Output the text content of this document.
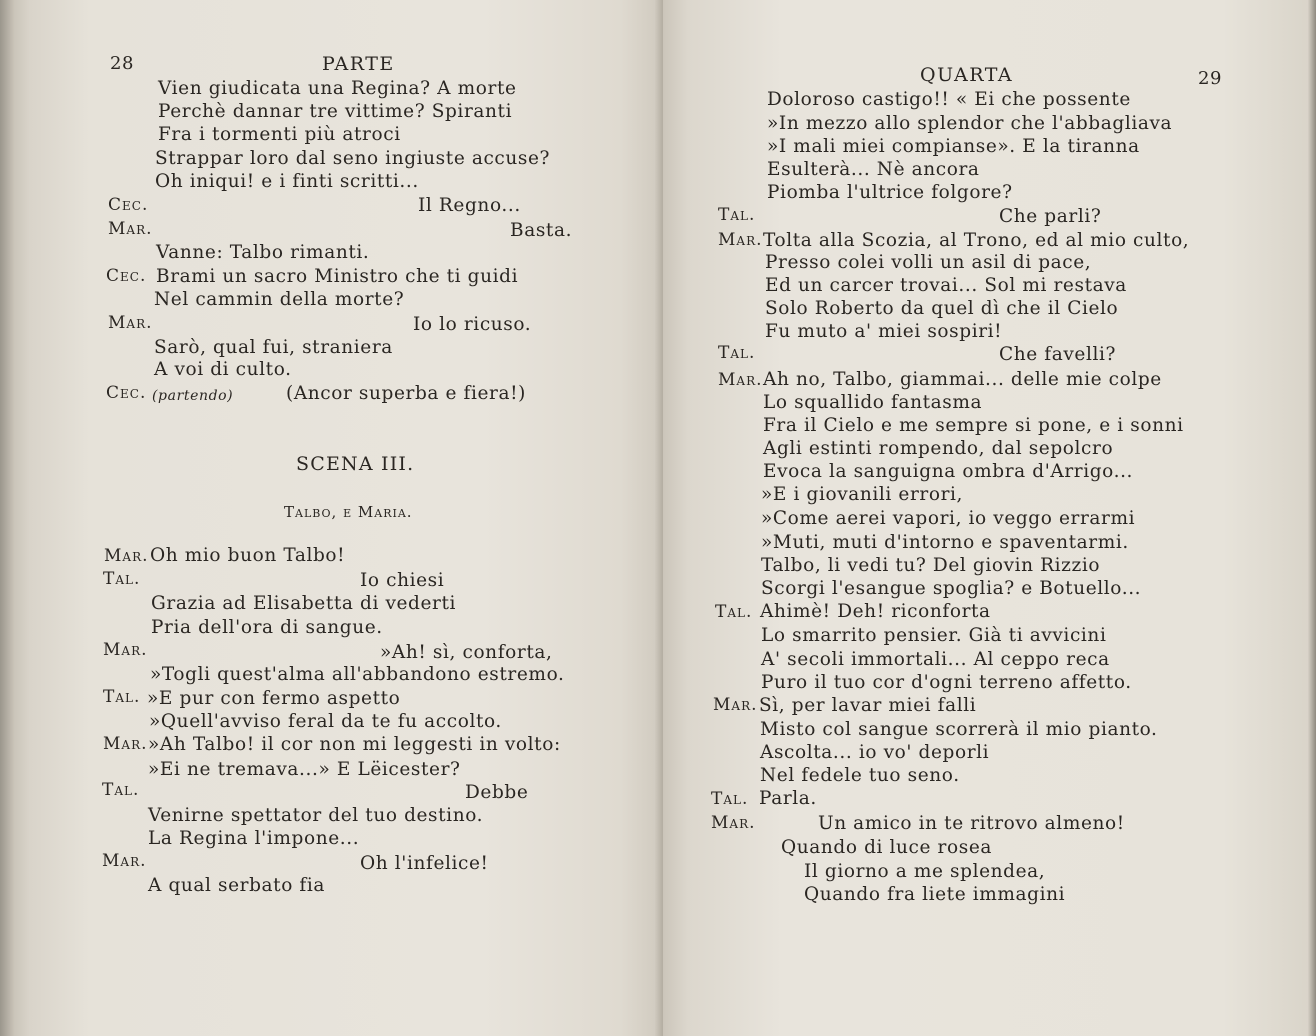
28	PARTE
Vien giudicata una Regina? A morte
Perchè dannar tre vittime? Spiranti
Fra i tormenti più atroci
Strappar loro dal seno ingiuste accuse?
Oh iniqui! e i finti scritti...
Cec.	Il Regno...
Mar.	Basta.
Vanne: Talbo rimanti.
Cec. Brami un sacro Ministro che ti guidi
Nel cammin della morte?
Mar.	Io lo ricuso.
Sarò, qual fui, straniera
A voi di culto.
Cec. (partendo)	(Ancor superba e fiera!)
SCENA III.
Talbo, e Maria.
Mar. Oh mio buon Talbo!
Tal.	Io chiesi
Grazia ad Elisabetta di vederti
Pria dell'ora di sangue.
Mar.	»Ah! sì, conforta,
»Togli quest'alma all'abbandono estremo.
Tal. »E pur con fermo aspetto
»Quell'avviso feral da te fu accolto.
Mar. »Ah Talbo! il cor non mi leggesti in volto:
»Ei ne tremava...» E Lëicester?
Tal.	Debbe
Venirne spettator del tuo destino.
La Regina l'impone...
Mar.	Oh l'infelice!
A qual serbato fia
QUARTA	29
Doloroso castigo!! « Ei che possente
»In mezzo allo splendor che l'abbagliava
»I mali miei compianse». E la tiranna
Esulterà... Nè ancora
Piomba l'ultrice folgore?
Tal.	Che parli?
Mar. Tolta alla Scozia, al Trono, ed al mio culto,
Presso colei volli un asil di pace,
Ed un carcer trovai... Sol mi restava
Solo Roberto da quel dì che il Cielo
Fu muto a' miei sospiri!
Tal.	Che favelli?
Mar. Ah no, Talbo, giammai... delle mie colpe
Lo squallido fantasma
Fra il Cielo e me sempre si pone, e i sonni
Agli estinti rompendo, dal sepolcro
Evoca la sanguigna ombra d'Arrigo...
»E i giovanili errori,
»Come aerei vapori, io veggo errarmi
»Muti, muti d'intorno e spaventarmi.
Talbo, li vedi tu? Del giovin Rizzio
Scorgi l'esangue spoglia? e Botuello...
Tal. Ahimè! Deh! riconforta
Lo smarrito pensier. Già ti avvicini
A' secoli immortali... Al ceppo reca
Puro il tuo cor d'ogni terreno affetto.
Mar. Sì, per lavar miei falli
Misto col sangue scorrerà il mio pianto.
Ascolta... io vo' deporli
Nel fedele tuo seno.
Tal. Parla.
Mar.	Un amico in te ritrovo almeno!
Quando di luce rosea
Il giorno a me splendea,
Quando fra liete immagini
